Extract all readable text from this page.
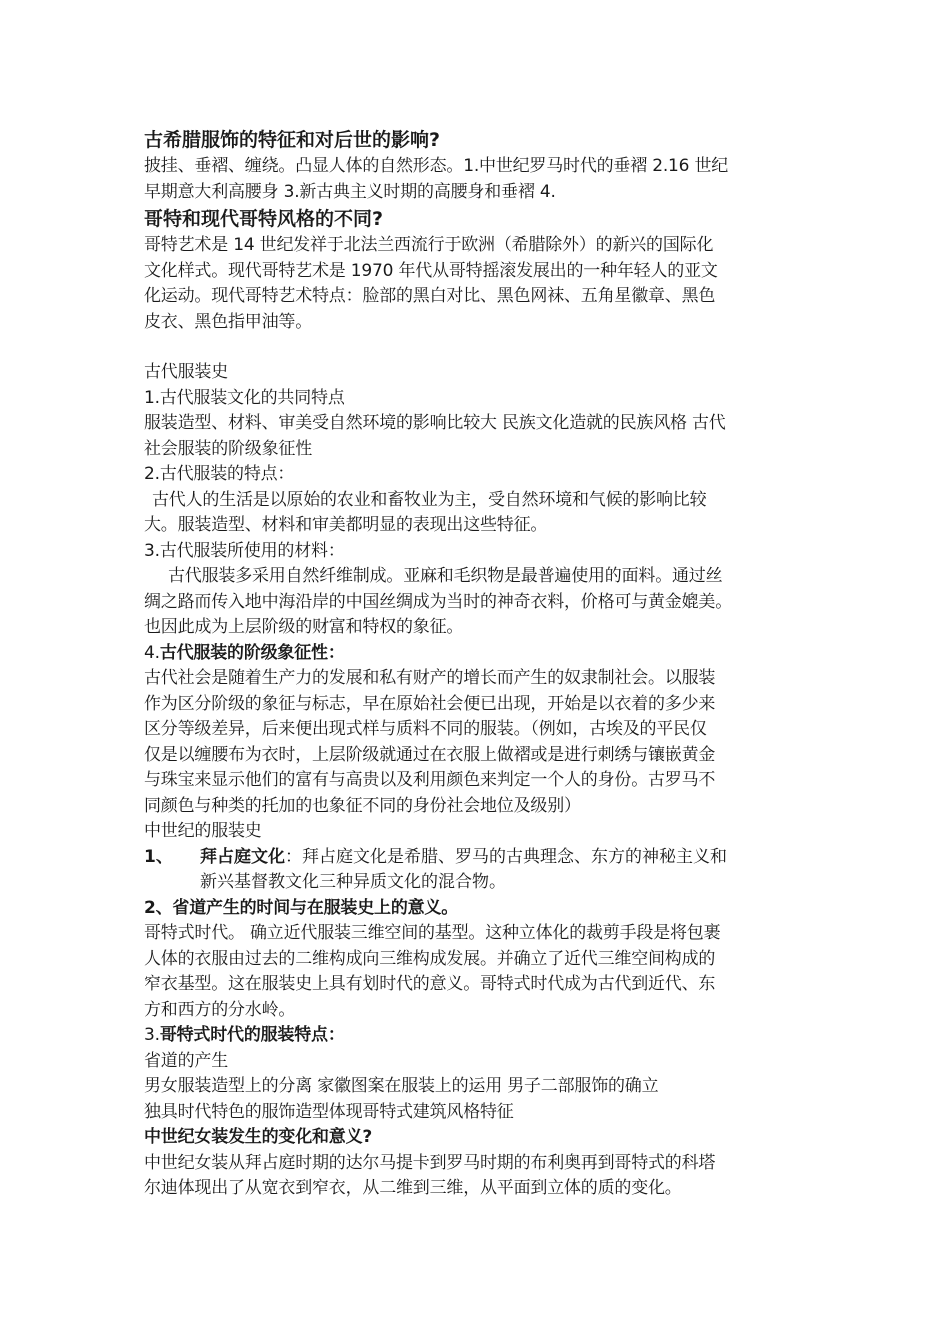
古希腊服饰的特征和对后世的影响?
披挂、垂褶、缠绕。凸显人体的自然形态。1.中世纪罗马时代的垂褶 2.16 世纪
早期意大利高腰身 3.新古典主义时期的高腰身和垂褶 4.
哥特和现代哥特风格的不同?
哥特艺术是 14 世纪发祥于北法兰西流行于欧洲（希腊除外）的新兴的国际化
文化样式。现代哥特艺术是 1970 年代从哥特摇滚发展出的一种年轻人的亚文
化运动。现代哥特艺术特点：脸部的黑白对比、黑色网袜、五角星徽章、黑色
皮衣、黑色指甲油等。
古代服装史
1.古代服装文化的共同特点
服装造型、材料、审美受自然环境的影响比较大 民族文化造就的民族风格 古代
社会服装的阶级象征性
2.古代服装的特点：
古代人的生活是以原始的农业和畜牧业为主，受自然环境和气候的影响比较
大。服装造型、材料和审美都明显的表现出这些特征。
3.古代服装所使用的材料：
古代服装多采用自然纤维制成。亚麻和毛织物是最普遍使用的面料。通过丝
绸之路而传入地中海沿岸的中国丝绸成为当时的神奇衣料，价格可与黄金媲美。
也因此成为上层阶级的财富和特权的象征。
4.古代服装的阶级象征性：
古代社会是随着生产力的发展和私有财产的增长而产生的奴隶制社会。以服装
作为区分阶级的象征与标志，早在原始社会便已出现，开始是以衣着的多少来
区分等级差异，后来便出现式样与质料不同的服装。（例如，古埃及的平民仅
仅是以缠腰布为衣时，上层阶级就通过在衣服上做褶或是进行刺绣与镶嵌黄金
与珠宝来显示他们的富有与高贵以及利用颜色来判定一个人的身份。古罗马不
同颜色与种类的托加的也象征不同的身份社会地位及级别）
中世纪的服装史
1、	拜占庭文化：拜占庭文化是希腊、罗马的古典理念、东方的神秘主义和
新兴基督教文化三种异质文化的混合物。
2、省道产生的时间与在服装史上的意义。
哥特式时代。 确立近代服装三维空间的基型。这种立体化的裁剪手段是将包裹
人体的衣服由过去的二维构成向三维构成发展。并确立了近代三维空间构成的
窄衣基型。这在服装史上具有划时代的意义。哥特式时代成为古代到近代、东
方和西方的分水岭。
3.哥特式时代的服装特点：
省道的产生
男女服装造型上的分离 家徽图案在服装上的运用 男子二部服饰的确立
独具时代特色的服饰造型体现哥特式建筑风格特征
中世纪女装发生的变化和意义?
中世纪女装从拜占庭时期的达尔马提卡到罗马时期的布利奥再到哥特式的科塔
尔迪体现出了从宽衣到窄衣，从二维到三维，从平面到立体的质的变化。
